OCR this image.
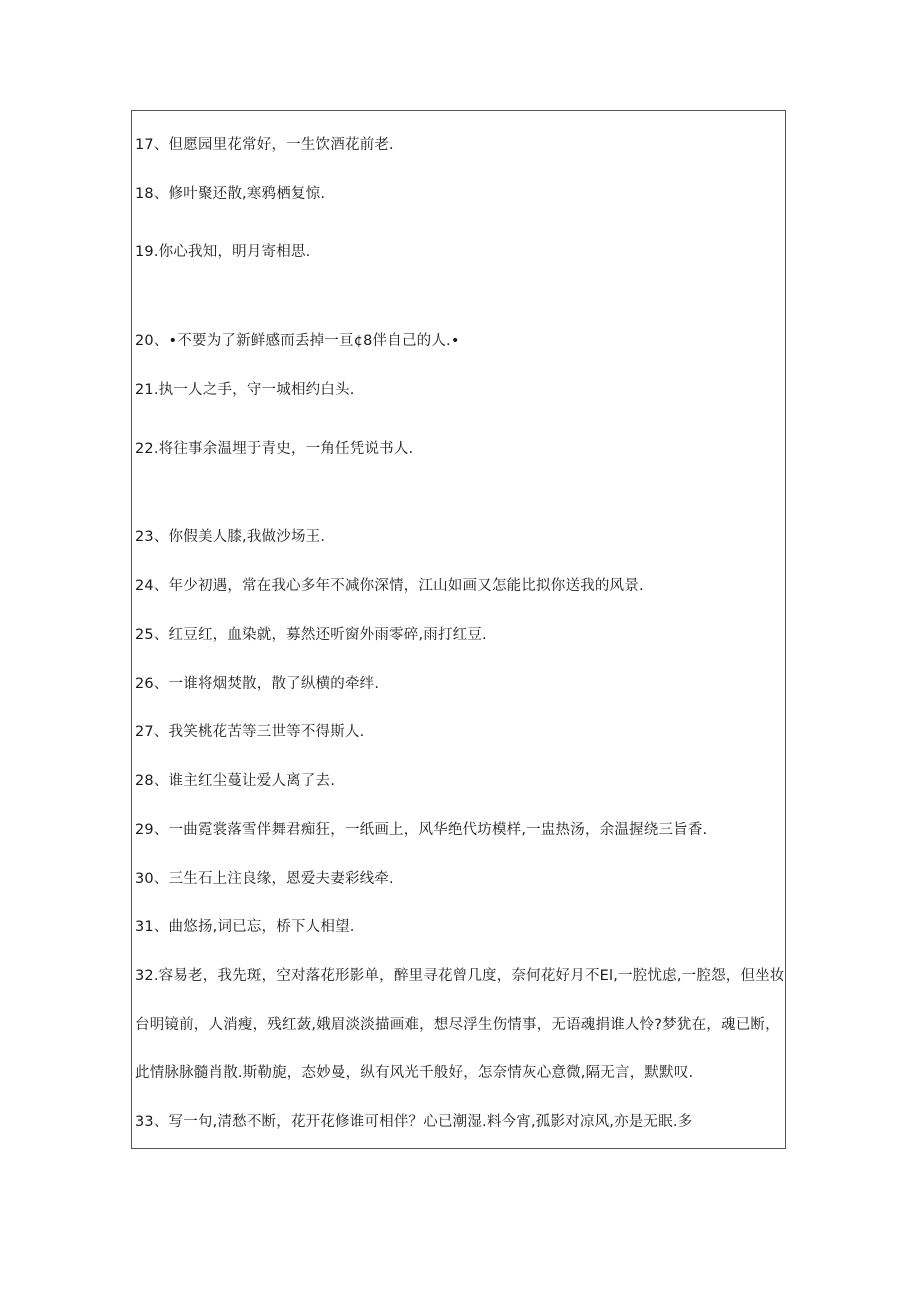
17、但愿园里花常好，一生饮酒花前老.
18、修叶聚还散,寒鸦栖复惊.
19.你心我知，明月寄相思.
20、•不要为了新鲜感而丢掉一亘¢8伴自己的人.•
21.执一人之手，守一城相约白头.
22.将往事余温埋于青史，一角任凭说书人.
23、你假美人膝,我做沙场王.
24、年少初遇，常在我心多年不减你深情，江山如画又怎能比拟你送我的风景.
25、红豆红，血染就，募然还听窗外雨零碎,雨打红豆.
26、一谁将烟焚散，散了纵横的牵绊.
27、我笑桃花苦等三世等不得斯人.
28、谁主红尘蔓让爱人离了去.
29、一曲霓裳落雪伴舞君痴狂，一纸画上，风华绝代坊模样,一盅热汤，余温握绕三旨香.
30、三生石上注良缘，恩爱夫妻彩线牵.
31、曲悠扬,词已忘，桥下人相望.
32.容易老，我先斑，空对落花形影单，醉里寻花曾几度，奈何花好月不El,一腔忧虑,一腔怨，但坐妆
台明镜前，人消瘦，残红蔹,娥眉淡淡描画难，想尽浮生伤情事，无语魂捐谁人怜?梦犹在，魂已断，
此情脉脉髓肖散.斯勒旎，态妙曼，纵有风光千般好，怎奈情灰心意微,隔无言，默默叹.
33、写一句,清愁不断，花开花修谁可相伴？心已潮湿.料今宵,孤影对凉风,亦是无眠.多
